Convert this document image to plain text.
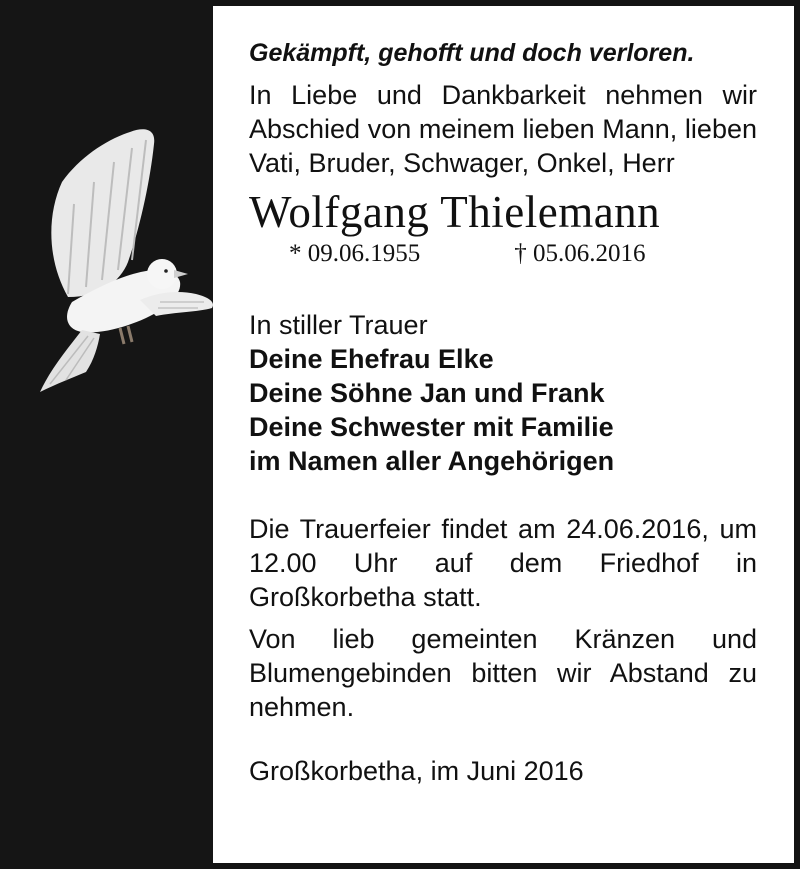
Gekämpft, gehofft und doch verloren.

In Liebe und Dankbarkeit nehmen wir Abschied von meinem lieben Mann, lieben Vati, Bruder, Schwager, Onkel, Herr

Wolfgang Thielemann

* 09.06.1955	† 05.06.2016

In stiller Trauer

Deine Ehefrau Elke

Deine Söhne Jan und Frank

Deine Schwester mit Familie

im Namen aller Angehörigen

Die Trauerfeier findet am 24.06.2016, um 12.00 Uhr auf dem Friedhof in Großkorbetha statt.

Von lieb gemeinten Kränzen und Blumengebinden bitten wir Abstand zu nehmen.

Großkorbetha, im Juni 2016
